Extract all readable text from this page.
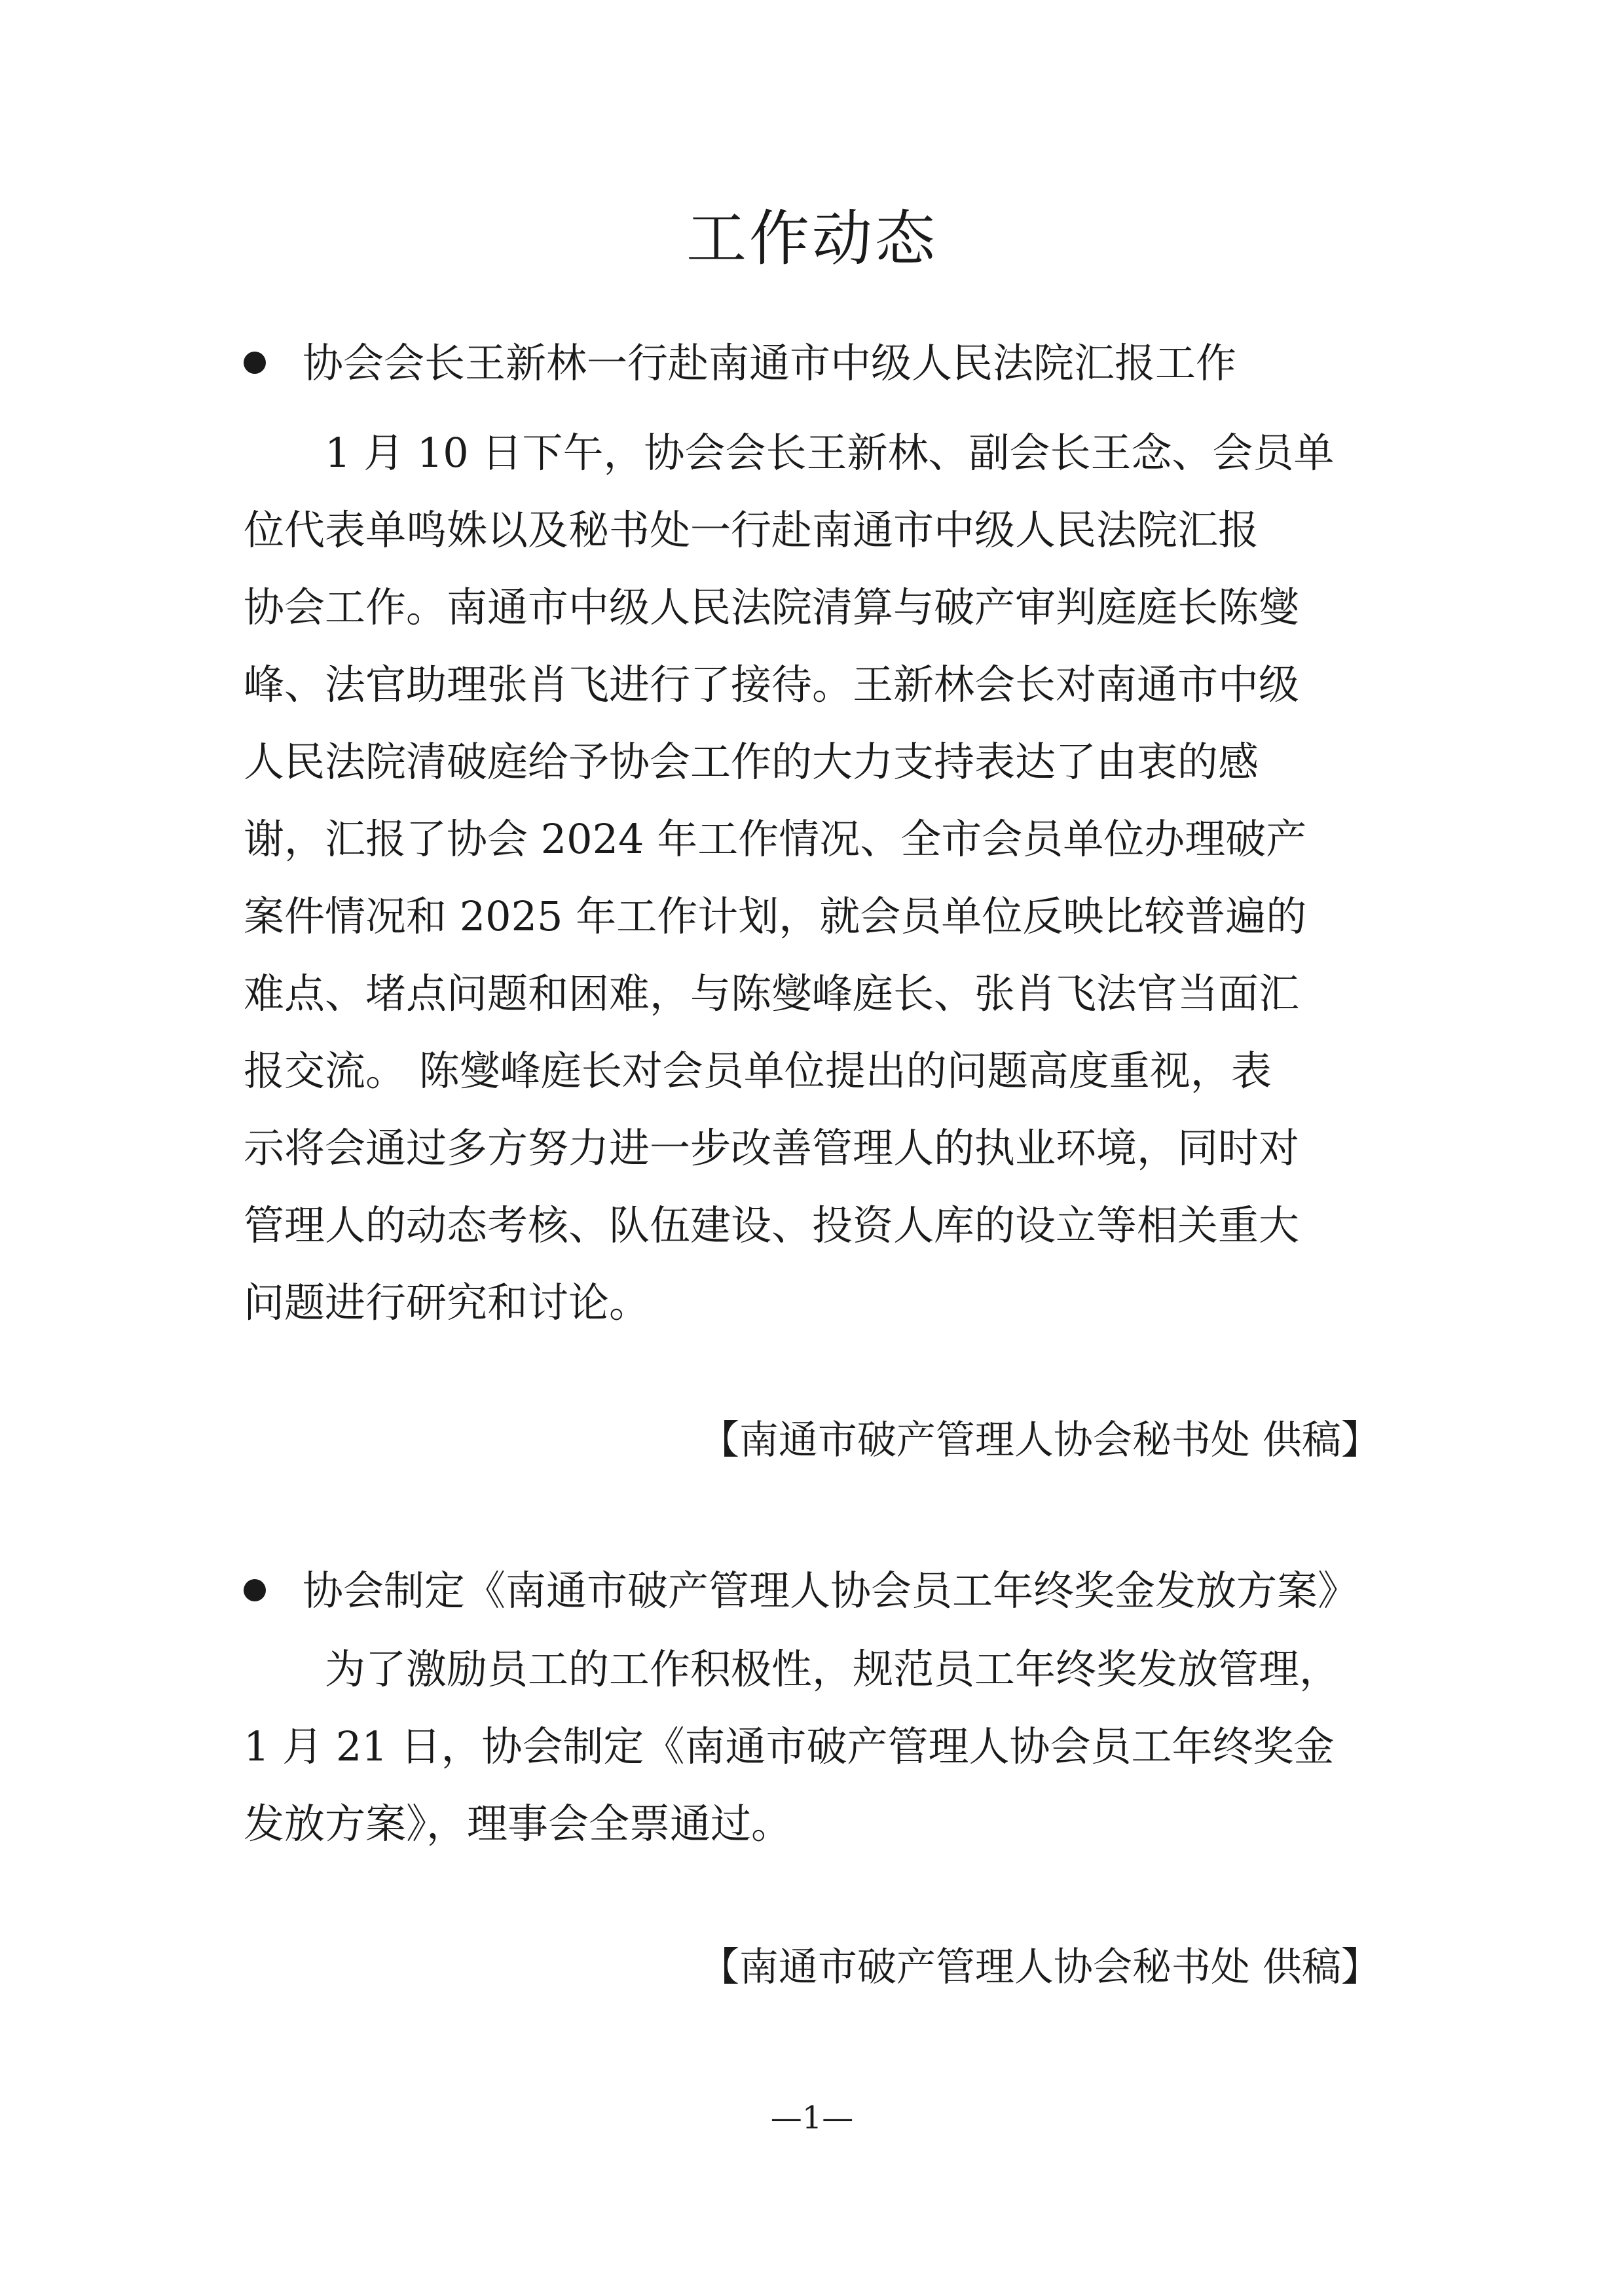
工作动态
协会会长王新林一行赴南通市中级人民法院汇报工作
1 月 10 日下午，协会会长王新林、副会长王念、会员单
位代表单鸣姝以及秘书处一行赴南通市中级人民法院汇报
协会工作。南通市中级人民法院清算与破产审判庭庭长陈燮
峰、法官助理张肖飞进行了接待。王新林会长对南通市中级
人民法院清破庭给予协会工作的大力支持表达了由衷的感
谢，汇报了协会 2024 年工作情况、全市会员单位办理破产
案件情况和 2025 年工作计划，就会员单位反映比较普遍的
难点、堵点问题和困难，与陈燮峰庭长、张肖飞法官当面汇
报交流。 陈燮峰庭长对会员单位提出的问题高度重视，表
示将会通过多方努力进一步改善管理人的执业环境，同时对
管理人的动态考核、队伍建设、投资人库的设立等相关重大
问题进行研究和讨论。
【南通市破产管理人协会秘书处 供稿】
协会制定《南通市破产管理人协会员工年终奖金发放方案》
为了激励员工的工作积极性，规范员工年终奖发放管理，
1 月 21 日，协会制定《南通市破产管理人协会员工年终奖金
发放方案》，理事会全票通过。
【南通市破产管理人协会秘书处 供稿】
—1—
